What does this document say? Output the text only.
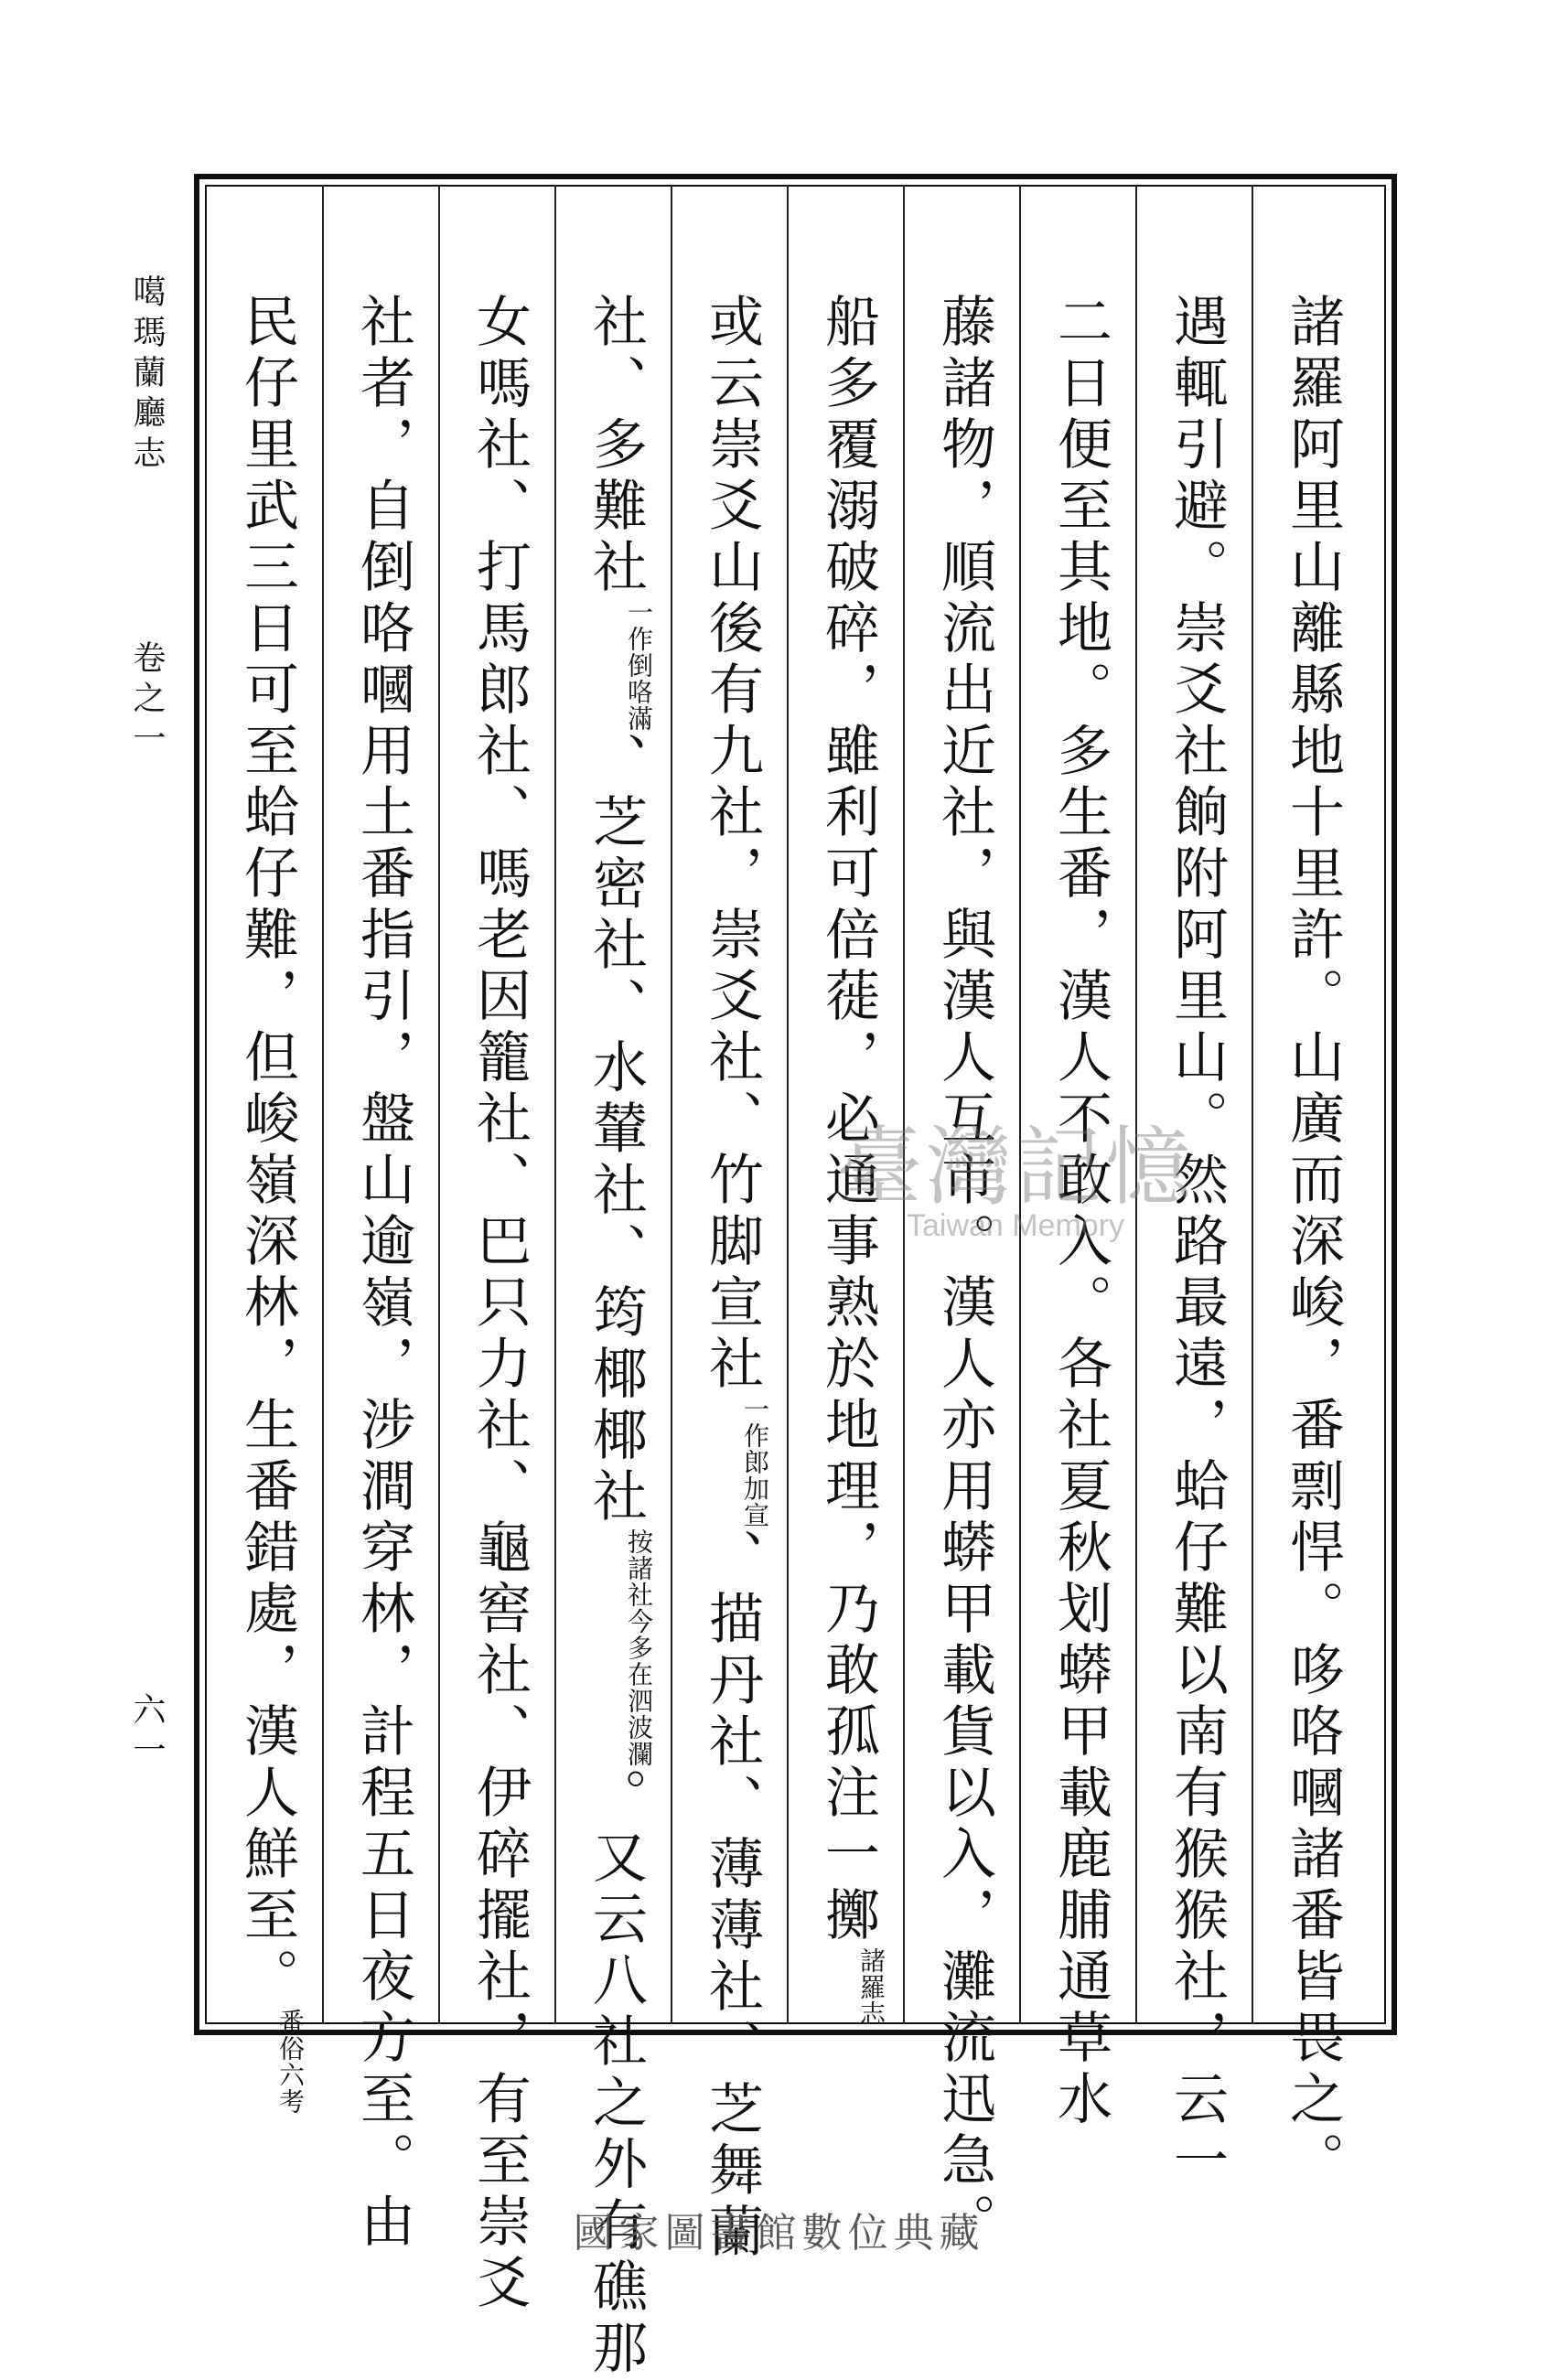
噶瑪蘭廳志
卷之一
六一	諸羅阿里山離縣地十里許。山廣而深峻，番剽悍。哆咯嘓諸番皆畏之。
遇輒引避。崇爻社餉附阿里山。然路最遠，蛤仔難以南有猴猴社，云一
二日便至其地。多生番，漢人不敢入。各社夏秋划蟒甲載鹿脯通草水
藤諸物，順流出近社，與漢人互市。漢人亦用蟒甲載貨以入，灘流迅急。
船多覆溺破碎，雖利可倍蓰，必通事熟於地理，乃敢孤注一擲諸羅志
或云崇爻山後有九社，崇爻社、竹脚宣社一作郎加宣、描丹社、薄薄社、芝舞蘭
社、多難社一作倒咯滿、芝密社、水輦社、筠椰椰社按諸社今多在泗波瀾。又云八社之外有礁那
女嗎社、打馬郎社、嗎老因籠社、巴只力社、龜窖社、伊碎擺社，有至崇爻
社者，自倒咯嘓用土番指引，盤山逾嶺，涉澗穿林，計程五日夜方至。由
民仔里武三日可至蛤仔難，但峻嶺深林，生番錯處，漢人鮮至。番俗六考
臺灣記憶
Taiwan Memory
國家圖書館數位典藏
